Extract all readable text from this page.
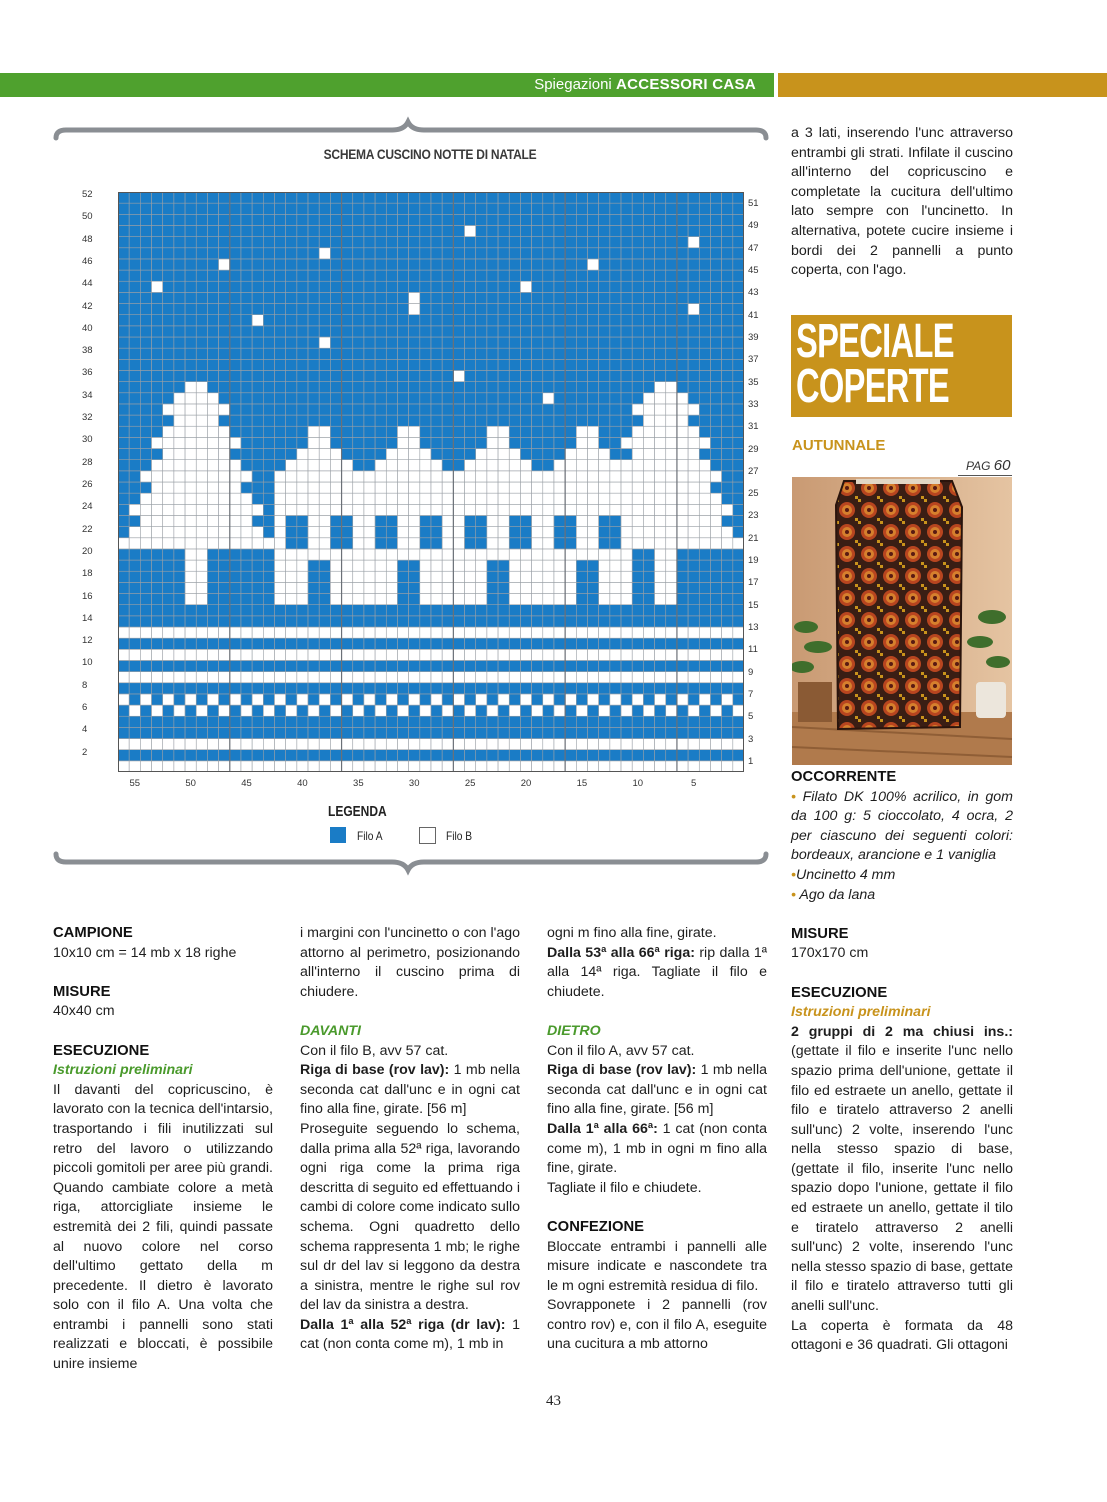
Spiegazioni ACCESSORI CASA
SCHEMA CUSCINO NOTTE DI NATALE
52
50
48
46
44
42
40
38
36
34
32
30
28
26
24
22
20
18
16
14
12
10
8
6
4
2
51
49
47
45
43
41
39
37
35
33
31
29
27
25
23
21
19
17
15
13
11
9
7
5
3
1
55	50	45	40	35	30	25	20	15	10	5
LEGENDA
Filo A	Filo B

CAMPIONE

10x10 cm = 14 mb x 18 righe

MISURE

40x40 cm

ESECUZIONE

Istruzioni preliminari

Il davanti del copricuscino, è lavorato con la tecnica dell'intarsio, trasportando i fili inutilizzati sul retro del lavoro o utilizzando piccoli gomitoli per aree più grandi. Quando cambiate colore a metà riga, attorcigliate insieme le estremità dei 2 fili, quindi passate al nuovo colore nel corso dell'ultimo gettato della m precedente. Il dietro è lavorato solo con il filo A. Una volta che entrambi i pannelli sono stati realizzati e bloccati, è possibile unire insieme

i margini con l'uncinetto o con l'ago attorno al perimetro, posizionando all'interno il cuscino prima di chiudere.

DAVANTI

Con il filo B, avv 57 cat.

Riga di base (rov lav): 1 mb nella seconda cat dall'unc e in ogni cat fino alla fine, girate. [56 m]

Proseguite seguendo lo schema, dalla prima alla 52ª riga, lavorando ogni riga come la prima riga descritta di seguito ed effettuando i cambi di colore come indicato sullo schema. Ogni quadretto dello schema rappresenta 1 mb; le righe sul dr del lav si leggono da destra a sinistra, mentre le righe sul rov del lav da sinistra a destra.

Dalla 1ª alla 52ª riga (dr lav): 1 cat (non conta come m), 1 mb in

ogni m fino alla fine, girate.

Dalla 53ª alla 66ª riga: rip dalla 1ª alla 14ª riga. Tagliate il filo e chiudete.

DIETRO

Con il filo A, avv 57 cat.

Riga di base (rov lav): 1 mb nella seconda cat dall'unc e in ogni cat fino alla fine, girate. [56 m]

Dalla 1ª alla 66ª: 1 cat (non conta come m), 1 mb in ogni m fino alla fine, girate.

Tagliate il filo e chiudete.

CONFEZIONE

Bloccate entrambi i pannelli alle misure indicate e nascondete tra le m ogni estremità residua di filo.

Sovrapponete i 2 pannelli (rov contro rov) e, con il filo A, eseguite una cucitura a mb attorno

a 3 lati, inserendo l'unc attraverso entrambi gli strati. Infilate il cuscino all'interno del copricuscino e completate la cucitura dell'ultimo lato sempre con l'uncinetto. In alternativa, potete cucire insieme i bordi dei 2 pannelli a punto coperta, con l'ago.

SPECIALE
COPERTE
AUTUNNALE
PAG 60

OCCORRENTE

• Filato DK 100% acrilico, in gom da 100 g: 5 cioccolato, 4 ocra, 2 per ciascuno dei seguenti colori: bordeaux, arancione e 1 vaniglia

•Uncinetto 4 mm

• Ago da lana

MISURE

170x170 cm

ESECUZIONE

Istruzioni preliminari

2 gruppi di 2 ma chiusi ins.: (gettate il filo e inserite l'unc nello spazio prima dell'unione, gettate il filo ed estraete un anello, gettate il filo e tiratelo attraverso 2 anelli sull'unc) 2 volte, inserendo l'unc nella stesso spazio di base, (gettate il filo, inserite l'unc nello spazio dopo l'unione, gettate il filo ed estraete un anello, gettate il tilo e tiratelo attraverso 2 anelli sull'unc) 2 volte, inserendo l'unc nella stesso spazio di base, gettate il filo e tiratelo attraverso tutti gli anelli sull'unc.

La coperta è formata da 48 ottagoni e 36 quadrati. Gli ottagoni

43
